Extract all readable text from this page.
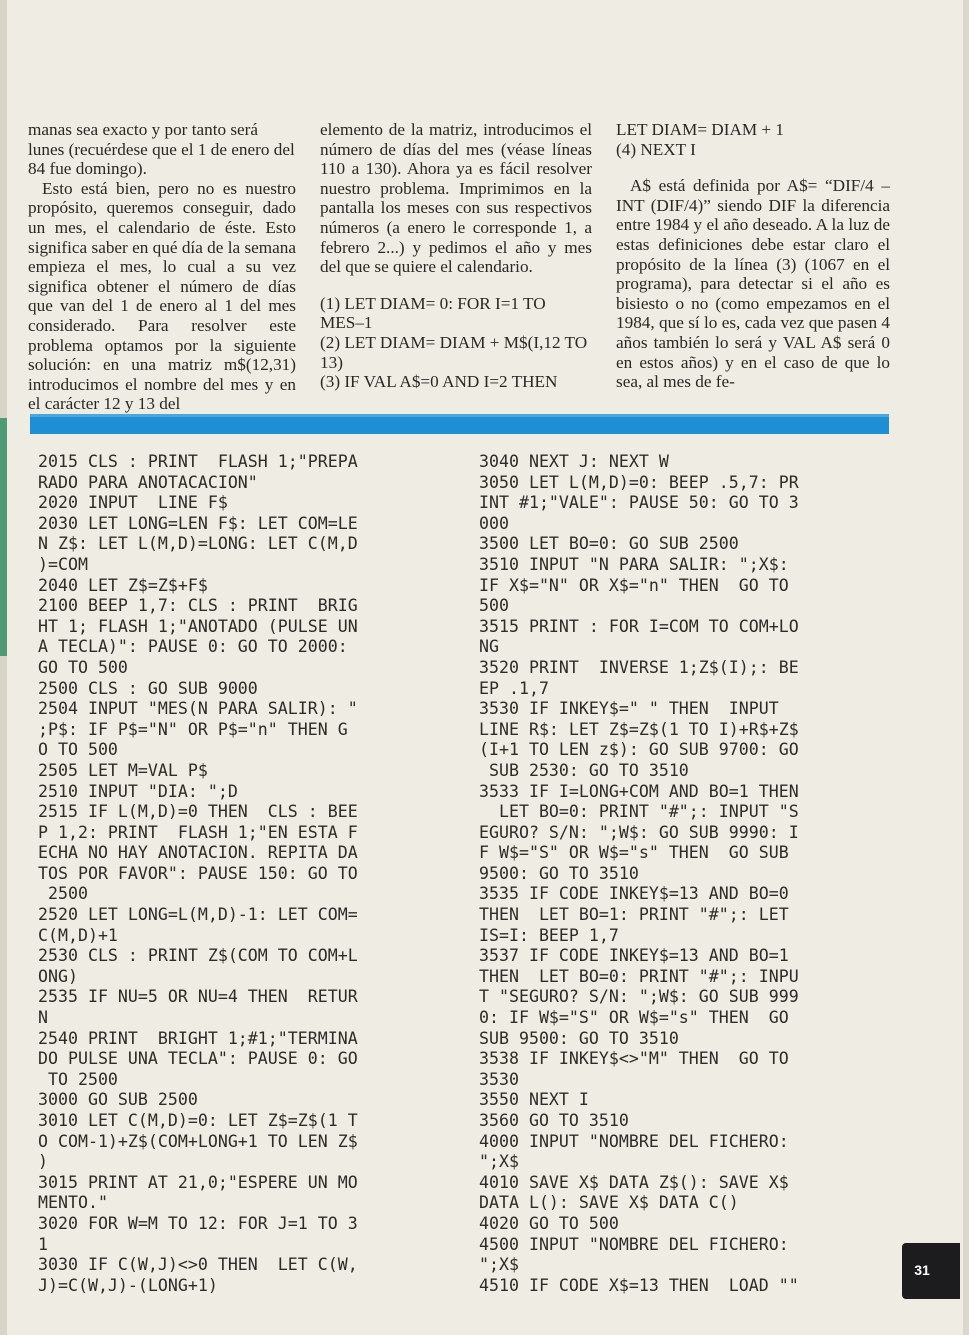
manas sea exacto y por tanto será lunes (recuérdese que el 1 de enero del 84 fue domingo).

Esto está bien, pero no es nuestro propósito, queremos conseguir, dado un mes, el calendario de éste. Esto significa saber en qué día de la semana empieza el mes, lo cual a su vez significa obtener el número de días que van del 1 de enero al 1 del mes considerado. Para resolver este problema optamos por la siguiente solución: en una matriz m$(12,31) introducimos el nombre del mes y en el carácter 12 y 13 del

elemento de la matriz, introducimos el número de días del mes (véase líneas 110 a 130). Ahora ya es fácil resolver nuestro problema. Imprimimos en la pantalla los meses con sus respectivos números (a enero le corresponde 1, a febrero 2...) y pedimos el año y mes del que se quiere el calendario.

(1) LET DIAM= 0: FOR I=1 TO MES–1

(2) LET DIAM= DIAM + M$(I,12 TO 13)

(3) IF VAL A$=0 AND I=2 THEN

LET DIAM= DIAM + 1

(4) NEXT I

A$ está definida por A$= “DIF/4 – INT (DIF/4)” siendo DIF la diferencia entre 1984 y el año deseado. A la luz de estas definiciones debe estar claro el propósito de la línea (3) (1067 en el programa), para detectar si el año es bisiesto o no (como empezamos en el 1984, que sí lo es, cada vez que pasen 4 años también lo será y VAL A$ será 0 en estos años) y en el caso de que lo sea, al mes de fe-

2015 CLS : PRINT  FLASH 1;"PREPA
RADO PARA ANOTACACION"
2020 INPUT  LINE F$
2030 LET LONG=LEN F$: LET COM=LE
N Z$: LET L(M,D)=LONG: LET C(M,D
)=COM
2040 LET Z$=Z$+F$
2100 BEEP 1,7: CLS : PRINT  BRIG
HT 1; FLASH 1;"ANOTADO (PULSE UN
A TECLA)": PAUSE 0: GO TO 2000:
GO TO 500
2500 CLS : GO SUB 9000
2504 INPUT "MES(N PARA SALIR): "
;P$: IF P$="N" OR P$="n" THEN G
O TO 500
2505 LET M=VAL P$
2510 INPUT "DIA: ";D
2515 IF L(M,D)=0 THEN  CLS : BEE
P 1,2: PRINT  FLASH 1;"EN ESTA F
ECHA NO HAY ANOTACION. REPITA DA
TOS POR FAVOR": PAUSE 150: GO TO
2500
2520 LET LONG=L(M,D)-1: LET COM=
C(M,D)+1
2530 CLS : PRINT Z$(COM TO COM+L
ONG)
2535 IF NU=5 OR NU=4 THEN  RETUR
N
2540 PRINT  BRIGHT 1;#1;"TERMINA
DO PULSE UNA TECLA": PAUSE 0: GO
TO 2500
3000 GO SUB 2500
3010 LET C(M,D)=0: LET Z$=Z$(1 T
O COM-1)+Z$(COM+LONG+1 TO LEN Z$
)
3015 PRINT AT 21,0;"ESPERE UN MO
MENTO."
3020 FOR W=M TO 12: FOR J=1 TO 3
1
3030 IF C(W,J)<>0 THEN  LET C(W,
J)=C(W,J)-(LONG+1)
3040 NEXT J: NEXT W
3050 LET L(M,D)=0: BEEP .5,7: PR
INT #1;"VALE": PAUSE 50: GO TO 3
000
3500 LET BO=0: GO SUB 2500
3510 INPUT "N PARA SALIR: ";X$:
IF X$="N" OR X$="n" THEN  GO TO
500
3515 PRINT : FOR I=COM TO COM+LO
NG
3520 PRINT  INVERSE 1;Z$(I);: BE
EP .1,7
3530 IF INKEY$=" " THEN  INPUT
LINE R$: LET Z$=Z$(1 TO I)+R$+Z$
(I+1 TO LEN z$): GO SUB 9700: GO
SUB 2530: GO TO 3510
3533 IF I=LONG+COM AND BO=1 THEN
LET BO=0: PRINT "#";: INPUT "S
EGURO? S/N: ";W$: GO SUB 9990: I
F W$="S" OR W$="s" THEN  GO SUB
9500: GO TO 3510
3535 IF CODE INKEY$=13 AND BO=0
THEN  LET BO=1: PRINT "#";: LET
IS=I: BEEP 1,7
3537 IF CODE INKEY$=13 AND BO=1
THEN  LET BO=0: PRINT "#";: INPU
T "SEGURO? S/N: ";W$: GO SUB 999
0: IF W$="S" OR W$="s" THEN  GO
SUB 9500: GO TO 3510
3538 IF INKEY$<>"M" THEN  GO TO
3530
3550 NEXT I
3560 GO TO 3510
4000 INPUT "NOMBRE DEL FICHERO:
";X$
4010 SAVE X$ DATA Z$(): SAVE X$
DATA L(): SAVE X$ DATA C()
4020 GO TO 500
4500 INPUT "NOMBRE DEL FICHERO:
";X$
4510 IF CODE X$=13 THEN  LOAD ""
31
